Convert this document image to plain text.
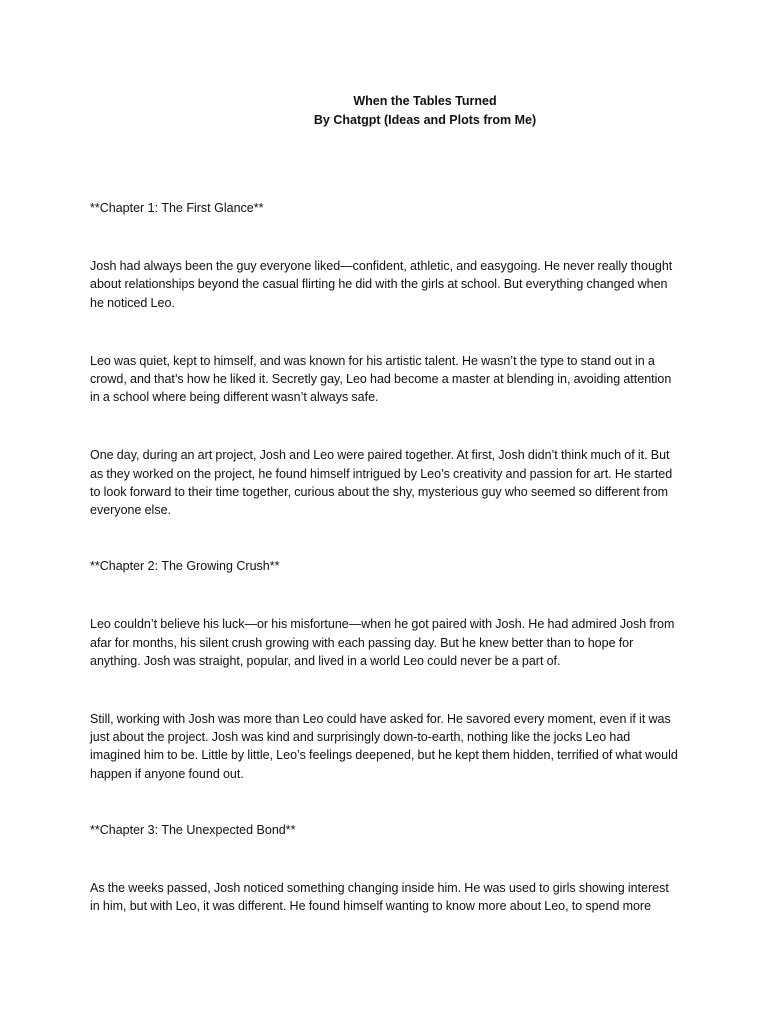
When the Tables Turned
By Chatgpt (Ideas and Plots from Me)
**Chapter 1: The First Glance**

Josh had always been the guy everyone liked—confident, athletic, and easygoing. He never really thought about relationships beyond the casual flirting he did with the girls at school. But everything changed when he noticed Leo.

Leo was quiet, kept to himself, and was known for his artistic talent. He wasn’t the type to stand out in a crowd, and that’s how he liked it. Secretly gay, Leo had become a master at blending in, avoiding attention in a school where being different wasn’t always safe.

One day, during an art project, Josh and Leo were paired together. At first, Josh didn’t think much of it. But as they worked on the project, he found himself intrigued by Leo’s creativity and passion for art. He started to look forward to their time together, curious about the shy, mysterious guy who seemed so different from everyone else.

**Chapter 2: The Growing Crush**

Leo couldn’t believe his luck—or his misfortune—when he got paired with Josh. He had admired Josh from afar for months, his silent crush growing with each passing day. But he knew better than to hope for anything. Josh was straight, popular, and lived in a world Leo could never be a part of.

Still, working with Josh was more than Leo could have asked for. He savored every moment, even if it was just about the project. Josh was kind and surprisingly down-to-earth, nothing like the jocks Leo had imagined him to be. Little by little, Leo’s feelings deepened, but he kept them hidden, terrified of what would happen if anyone found out.

**Chapter 3: The Unexpected Bond**

As the weeks passed, Josh noticed something changing inside him. He was used to girls showing interest in him, but with Leo, it was different. He found himself wanting to know more about Leo, to spend more
